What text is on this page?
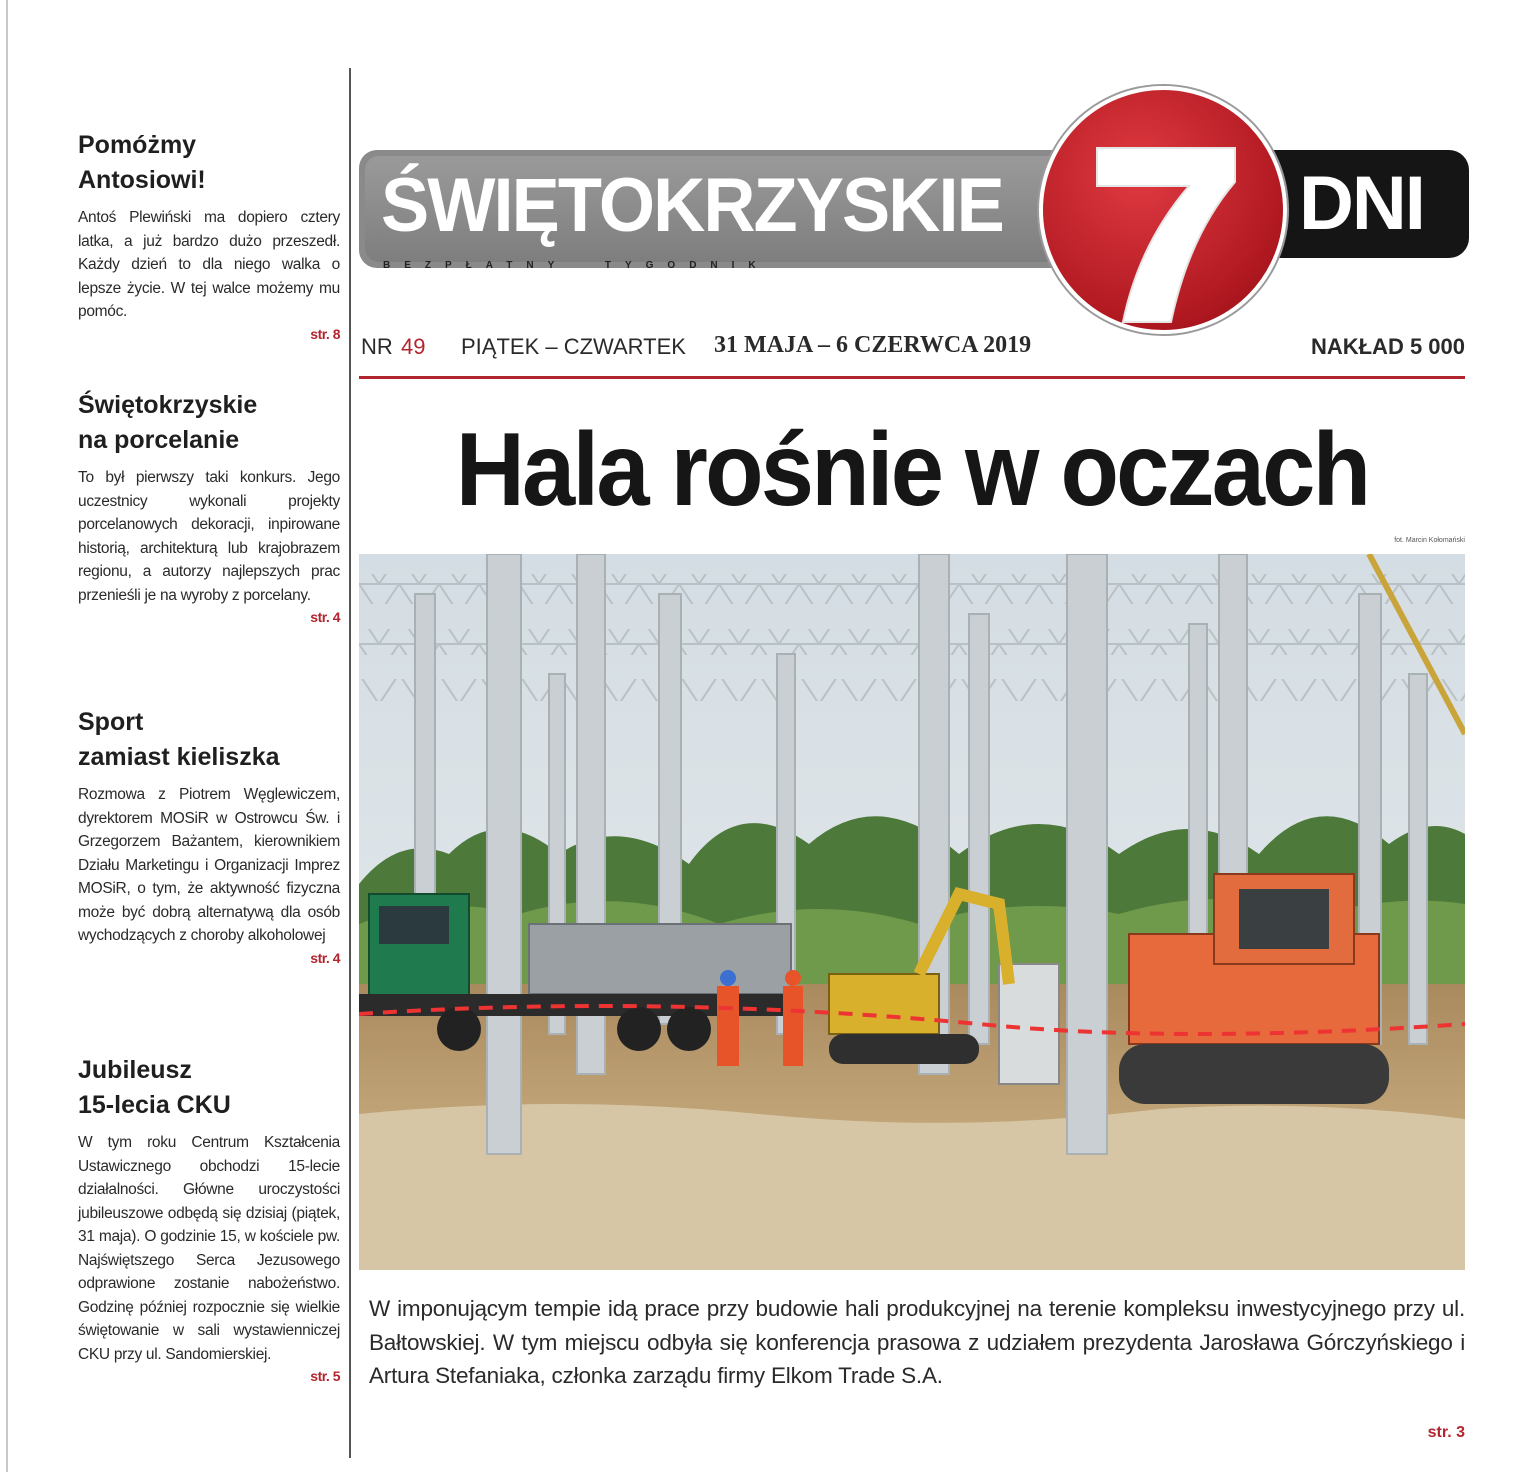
Pomóżmy
Antosiowi!

Antoś Plewiński ma dopiero cztery latka, a już bardzo dużo przeszedł. Każdy dzień to dla niego walka o lepsze życie. W tej walce możemy mu pomóc.

str. 8
Świętokrzyskie
na porcelanie

To był pierwszy taki konkurs. Jego uczestnicy wykonali projekty porcelanowych dekoracji, inpirowane historią, architekturą lub krajobrazem regionu, a autorzy najlepszych prac przenieśli je na wyroby z porcelany.

str. 4
Sport
zamiast kieliszka

Rozmowa z Piotrem Węglewiczem, dyrektorem MOSiR w Ostrowcu Św. i Grzegorzem Bażantem, kierownikiem Działu Marketingu i Organizacji Imprez MOSiR, o tym, że aktywność fizyczna może być dobrą alternatywą dla osób wychodzących z choroby alkoholowej

str. 4
Jubileusz
15-lecia CKU

W tym roku Centrum Kształcenia Ustawicznego obchodzi 15-lecie działalności. Główne uroczystości jubileuszowe odbędą się dzisiaj (piątek, 31 maja). O godzinie 15, w kościele pw. Najświętszego Serca Jezusowego odprawione zostanie nabożeństwo. Godzinę później rozpocznie się wielkie świętowanie w sali wystawienniczej CKU przy ul. Sandomierskiej.

str. 5
ŚWIĘTOKRZYSKIE
BEZPŁATNY TYGODNIK
DNI
NR 49 PIĄTEK – CZWARTEK 31 MAJA – 6 CZERWCA 2019	NAKŁAD 5 000
Hala rośnie w oczach
fot. Marcin Kołomański
W imponującym tempie idą prace przy budowie hali produkcyjnej na terenie kompleksu inwestycyjnego przy ul. Bałtowskiej. W tym miejscu odbyła się konferencja prasowa z udziałem prezydenta Jarosława Górczyńskiego i Artura Stefaniaka, członka zarządu firmy Elkom Trade S.A.
str. 3
